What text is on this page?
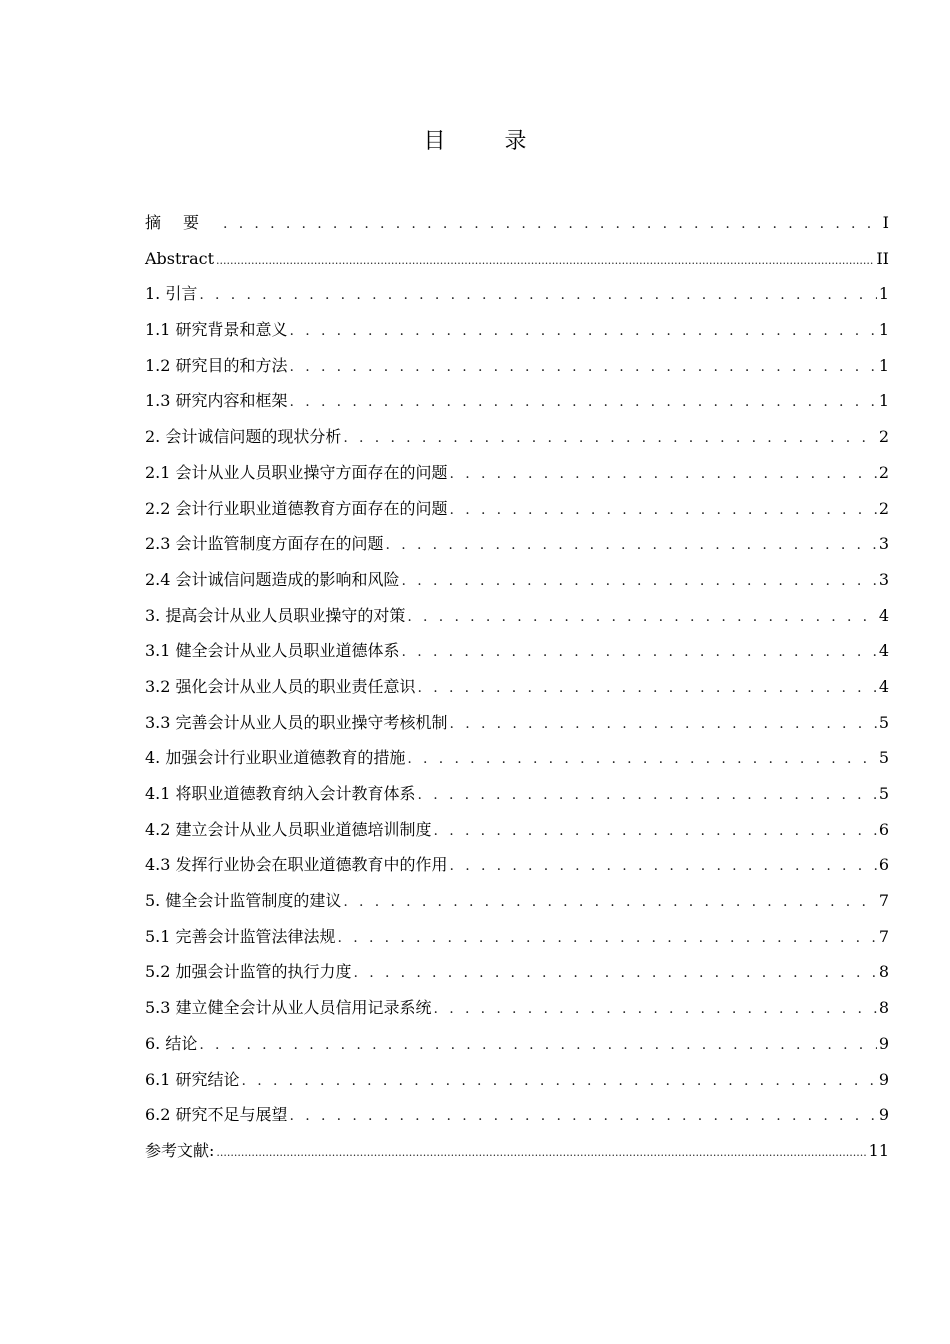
目 录
摘要 . . .	I
Abstract .....	II
1. 引言 . . .	1
1.1 研究背景和意义 . . .	1
1.2 研究目的和方法 . . .	1
1.3 研究内容和框架 . . .	1
2. 会计诚信问题的现状分析 . . .	2
2.1 会计从业人员职业操守方面存在的问题 . . .	2
2.2 会计行业职业道德教育方面存在的问题 . . .	2
2.3 会计监管制度方面存在的问题 . . .	3
2.4 会计诚信问题造成的影响和风险 . . .	3
3. 提高会计从业人员职业操守的对策 . . .	4
3.1 健全会计从业人员职业道德体系 . . .	4
3.2 强化会计从业人员的职业责任意识 . . .	4
3.3 完善会计从业人员的职业操守考核机制 . . .	5
4. 加强会计行业职业道德教育的措施 . . .	5
4.1 将职业道德教育纳入会计教育体系 . . .	5
4.2 建立会计从业人员职业道德培训制度 . . .	6
4.3 发挥行业协会在职业道德教育中的作用 . . .	6
5. 健全会计监管制度的建议 . . .	7
5.1 完善会计监管法律法规 . . .	7
5.2 加强会计监管的执行力度 . . .	8
5.3 建立健全会计从业人员信用记录系统 . . .	8
6. 结论 . . .	9
6.1 研究结论 . . .	9
6.2 研究不足与展望 . . .	9
参考文献: .....	11
